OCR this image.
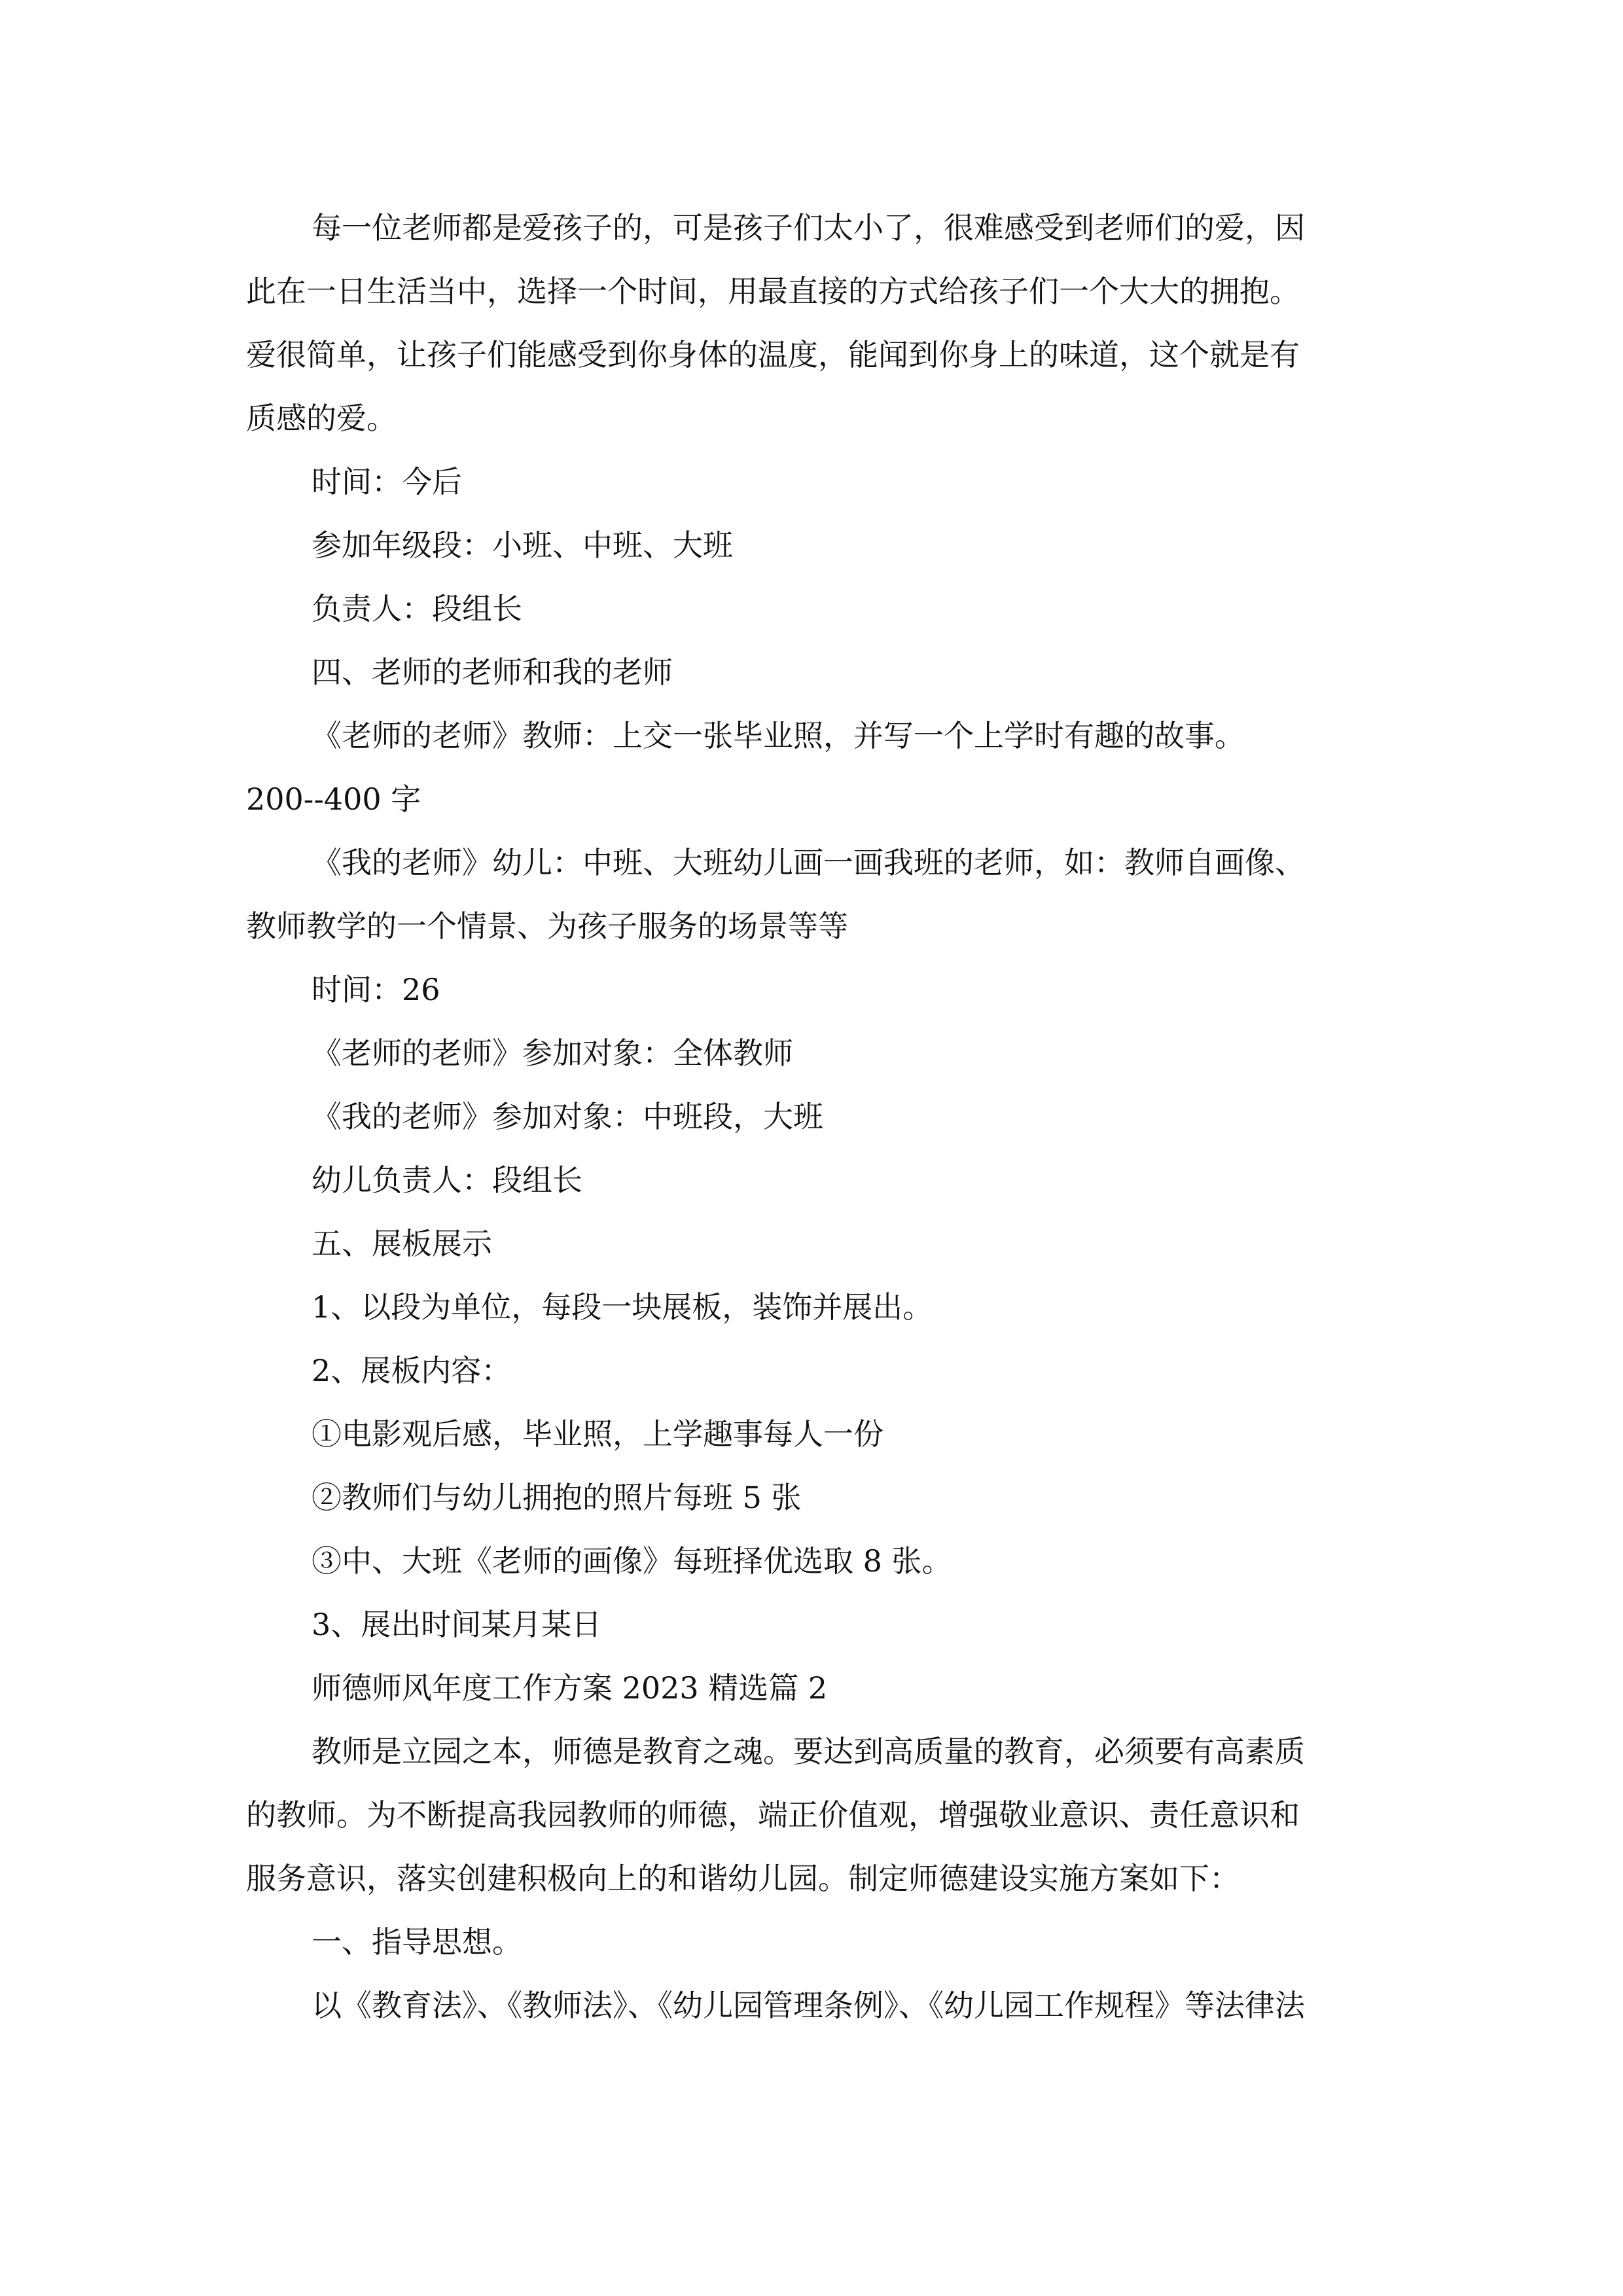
每一位老师都是爱孩子的，可是孩子们太小了，很难感受到老师们的爱，因

此在一日生活当中，选择一个时间，用最直接的方式给孩子们一个大大的拥抱。

爱很简单，让孩子们能感受到你身体的温度，能闻到你身上的味道，这个就是有

质感的爱。

时间：今后

参加年级段：小班、中班、大班

负责人：段组长

四、老师的老师和我的老师

《老师的老师》教师：上交一张毕业照，并写一个上学时有趣的故事。

200--400 字

《我的老师》幼儿：中班、大班幼儿画一画我班的老师，如：教师自画像、

教师教学的一个情景、为孩子服务的场景等等

时间：26

《老师的老师》参加对象：全体教师

《我的老师》参加对象：中班段，大班

幼儿负责人：段组长

五、展板展示

1、以段为单位，每段一块展板，装饰并展出。

2、展板内容：

①电影观后感，毕业照，上学趣事每人一份

②教师们与幼儿拥抱的照片每班 5 张

③中、大班《老师的画像》每班择优选取 8 张。

3、展出时间某月某日

师德师风年度工作方案 2023 精选篇 2

教师是立园之本，师德是教育之魂。要达到高质量的教育，必须要有高素质

的教师。为不断提高我园教师的师德，端正价值观，增强敬业意识、责任意识和

服务意识，落实创建积极向上的和谐幼儿园。制定师德建设实施方案如下：

一、指导思想。

以《教育法》、《教师法》、《幼儿园管理条例》、《幼儿园工作规程》等法律法
